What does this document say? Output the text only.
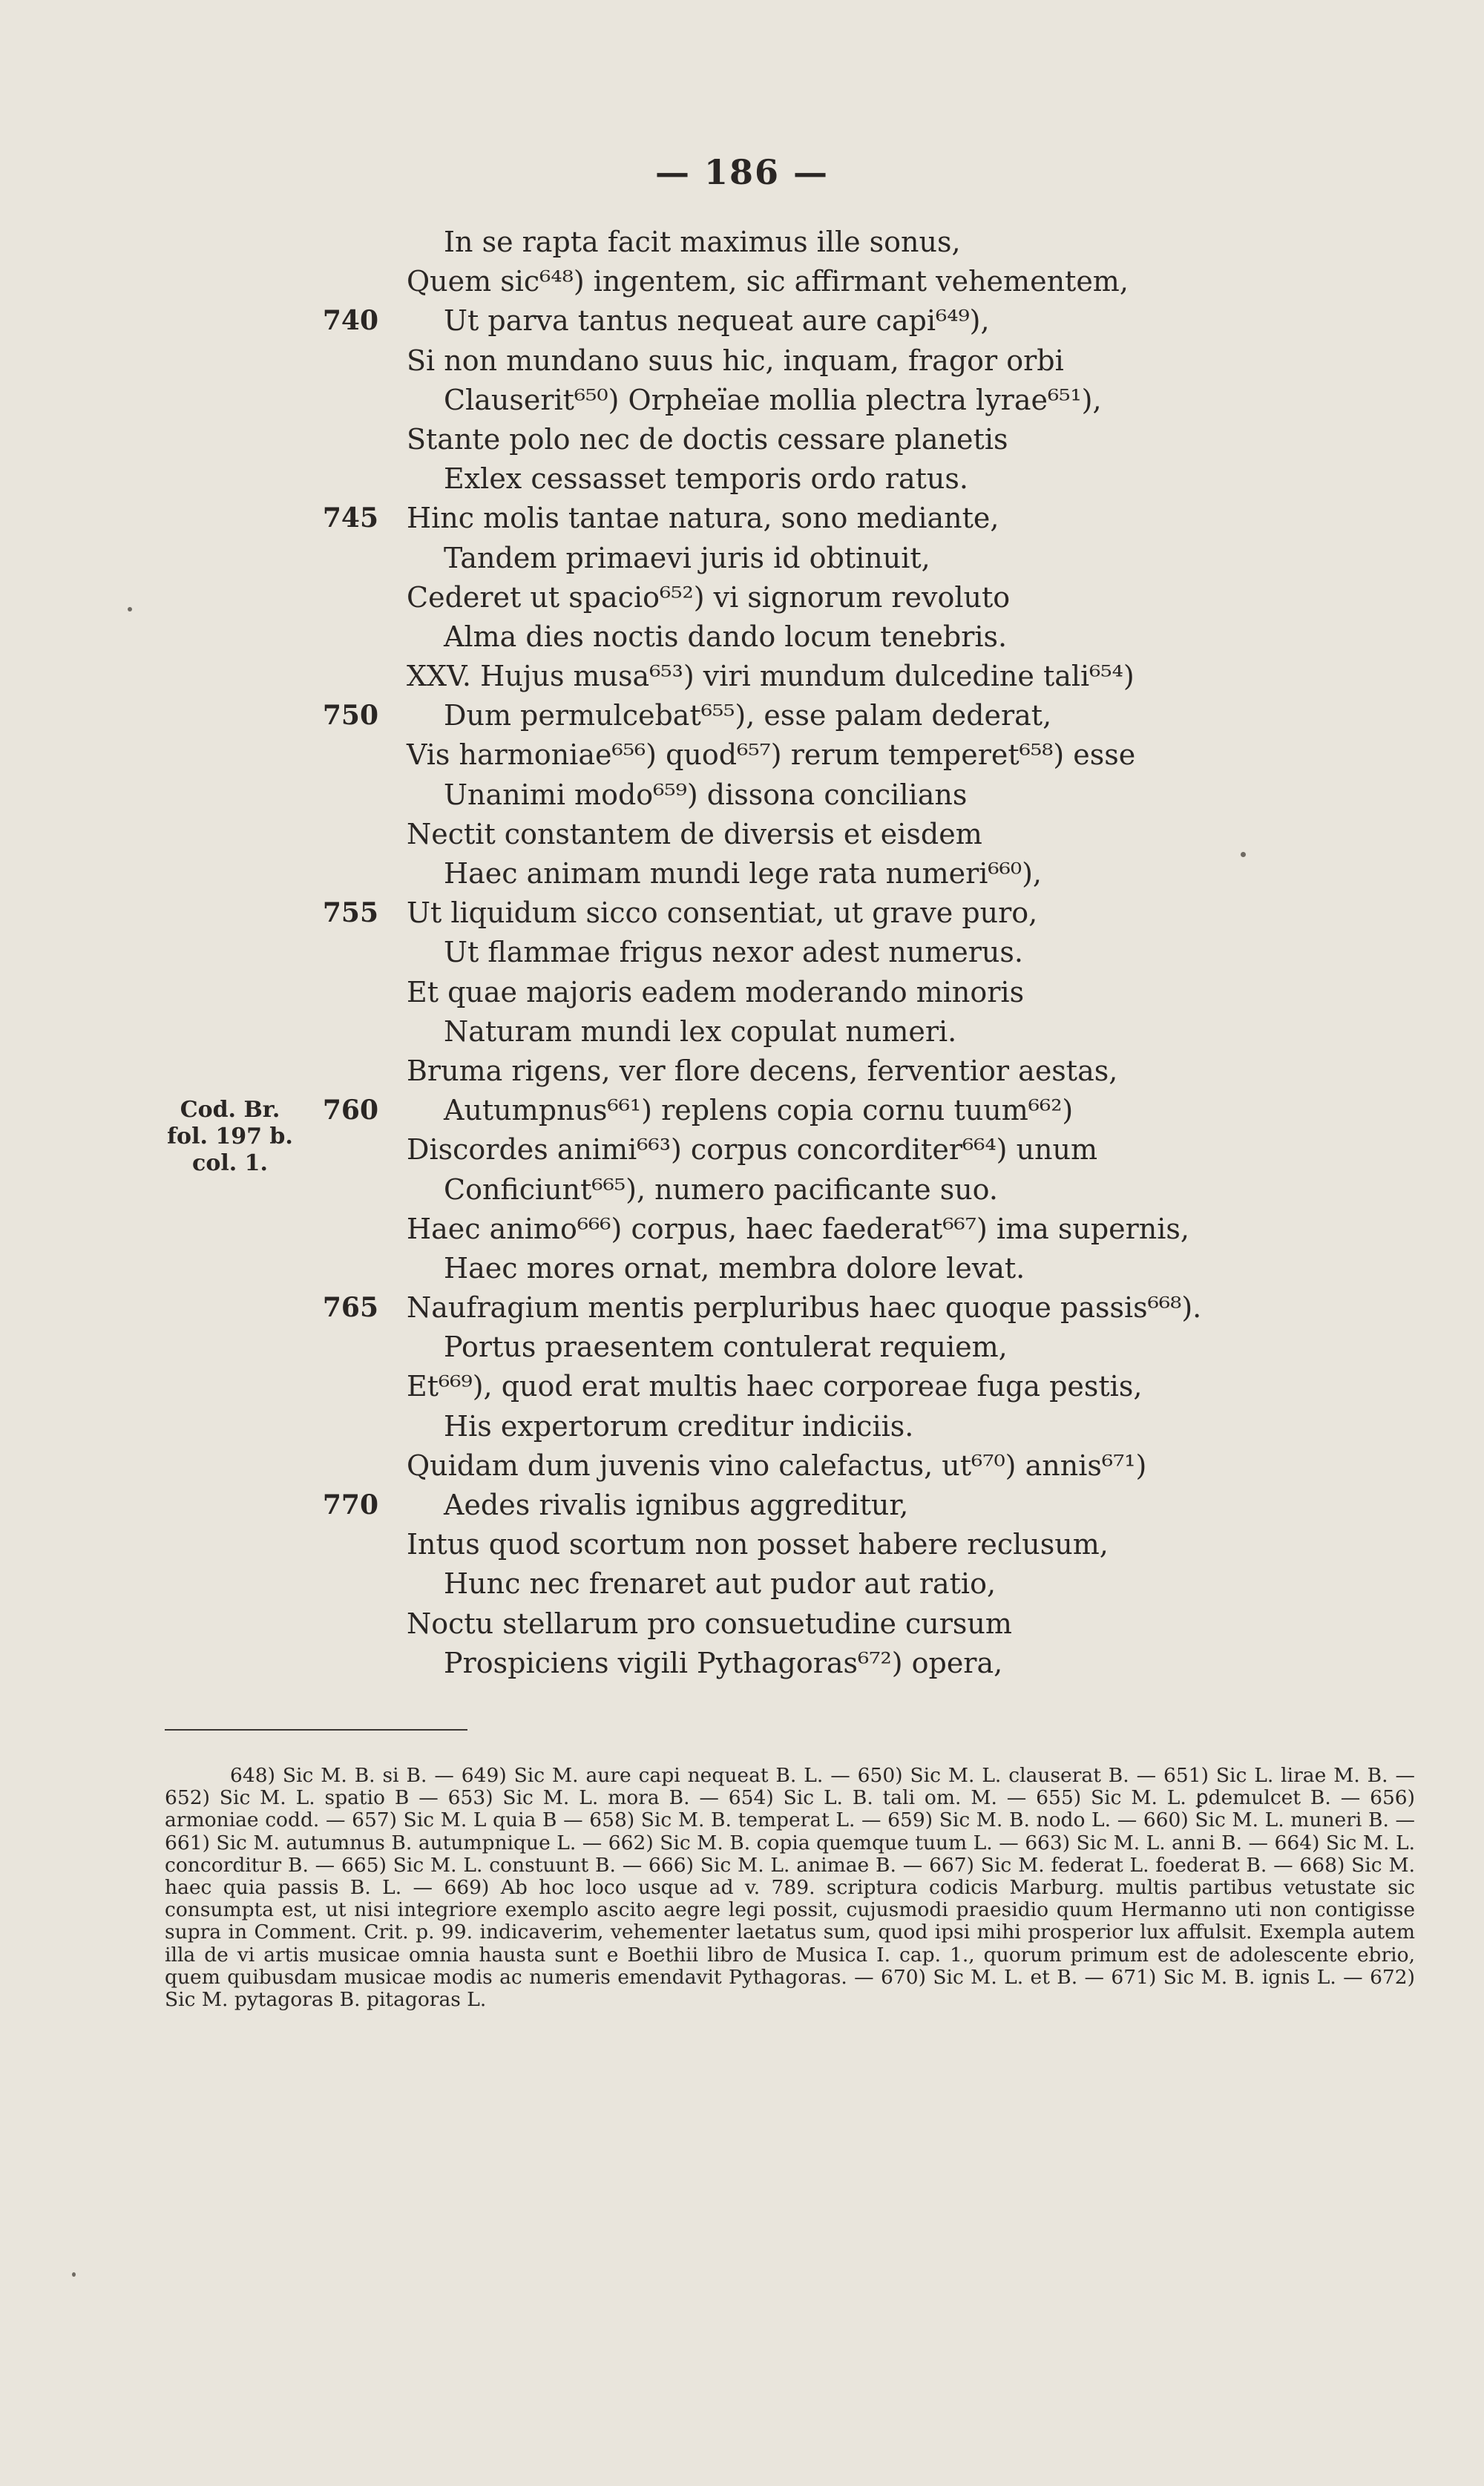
— 186 —
Cod. Br.
fol. 197 b.
col. 1.
In se rapta facit maximus ille sonus,
Quem sic⁶⁴⁸) ingentem, sic affirmant vehementem,
740 Ut parva tantus nequeat aure capi⁶⁴⁹),
Si non mundano suus hic, inquam, fragor orbi
Clauserit⁶⁵⁰) Orpheïae mollia plectra lyrae⁶⁵¹),
Stante polo nec de doctis cessare planetis
Exlex cessasset temporis ordo ratus.
745 Hinc molis tantae natura, sono mediante,
Tandem primaevi juris id obtinuit,
Cederet ut spacio⁶⁵²) vi signorum revoluto
Alma dies noctis dando locum tenebris.
XXV. Hujus musa⁶⁵³) viri mundum dulcedine tali⁶⁵⁴)
750 Dum permulcebat⁶⁵⁵), esse palam dederat,
Vis harmoniae⁶⁵⁶) quod⁶⁵⁷) rerum temperet⁶⁵⁸) esse
Unanimi modo⁶⁵⁹) dissona concilians
Nectit constantem de diversis et eisdem
Haec animam mundi lege rata numeri⁶⁶⁰),
755 Ut liquidum sicco consentiat, ut grave puro,
Ut flammae frigus nexor adest numerus.
Et quae majoris eadem moderando minoris
Naturam mundi lex copulat numeri.
Bruma rigens, ver flore decens, ferventior aestas,
760 Autumpnus⁶⁶¹) replens copia cornu tuum⁶⁶²)
Discordes animi⁶⁶³) corpus concorditer⁶⁶⁴) unum
Conficiunt⁶⁶⁵), numero pacificante suo.
Haec animo⁶⁶⁶) corpus, haec faederat⁶⁶⁷) ima supernis,
Haec mores ornat, membra dolore levat.
765 Naufragium mentis perpluribus haec quoque passis⁶⁶⁸).
Portus praesentem contulerat requiem,
Et⁶⁶⁹), quod erat multis haec corporeae fuga pestis,
His expertorum creditur indiciis.
Quidam dum juvenis vino calefactus, ut⁶⁷⁰) annis⁶⁷¹)
770 Aedes rivalis ignibus aggreditur,
Intus quod scortum non posset habere reclusum,
Hunc nec frenaret aut pudor aut ratio,
Noctu stellarum pro consuetudine cursum
Prospiciens vigili Pythagoras⁶⁷²) opera,

648) Sic M. B. si B. — 649) Sic M. aure capi nequeat B. L. — 650) Sic M. L. clauserat B. — 651) Sic L. lirae M. B. — 652) Sic M. L. spatio B — 653) Sic M. L. mora B. — 654) Sic L. B. tali om. M. — 655) Sic M. L. ꝑdemulcet B. — 656) armoniae codd. — 657) Sic M. L quia B — 658) Sic M. B. temperat L. — 659) Sic M. B. nodo L. — 660) Sic M. L. muneri B. — 661) Sic M. autumnus B. autumpnique L. — 662) Sic M. B. copia quemque tuum L. — 663) Sic M. L. anni B. — 664) Sic M. L. concorditur B. — 665) Sic M. L. constuunt B. — 666) Sic M. L. animae B. — 667) Sic M. federat L. foederat B. — 668) Sic M. haec quia passis B. L. — 669) Ab hoc loco usque ad v. 789. scriptura codicis Marburg. multis partibus vetustate sic consumpta est, ut nisi integriore exemplo ascito aegre legi possit, cujusmodi praesidio quum Hermanno uti non contigisse supra in Comment. Crit. p. 99. indicaverim, vehementer laetatus sum, quod ipsi mihi prosperior lux affulsit. Exempla autem illa de vi artis musicae omnia hausta sunt e Boethii libro de Musica I. cap. 1., quorum primum est de adolescente ebrio, quem quibusdam musicae modis ac numeris emendavit Pythagoras. — 670) Sic M. L. et B. — 671) Sic M. B. ignis L. — 672) Sic M. pytagoras B. pitagoras L.
